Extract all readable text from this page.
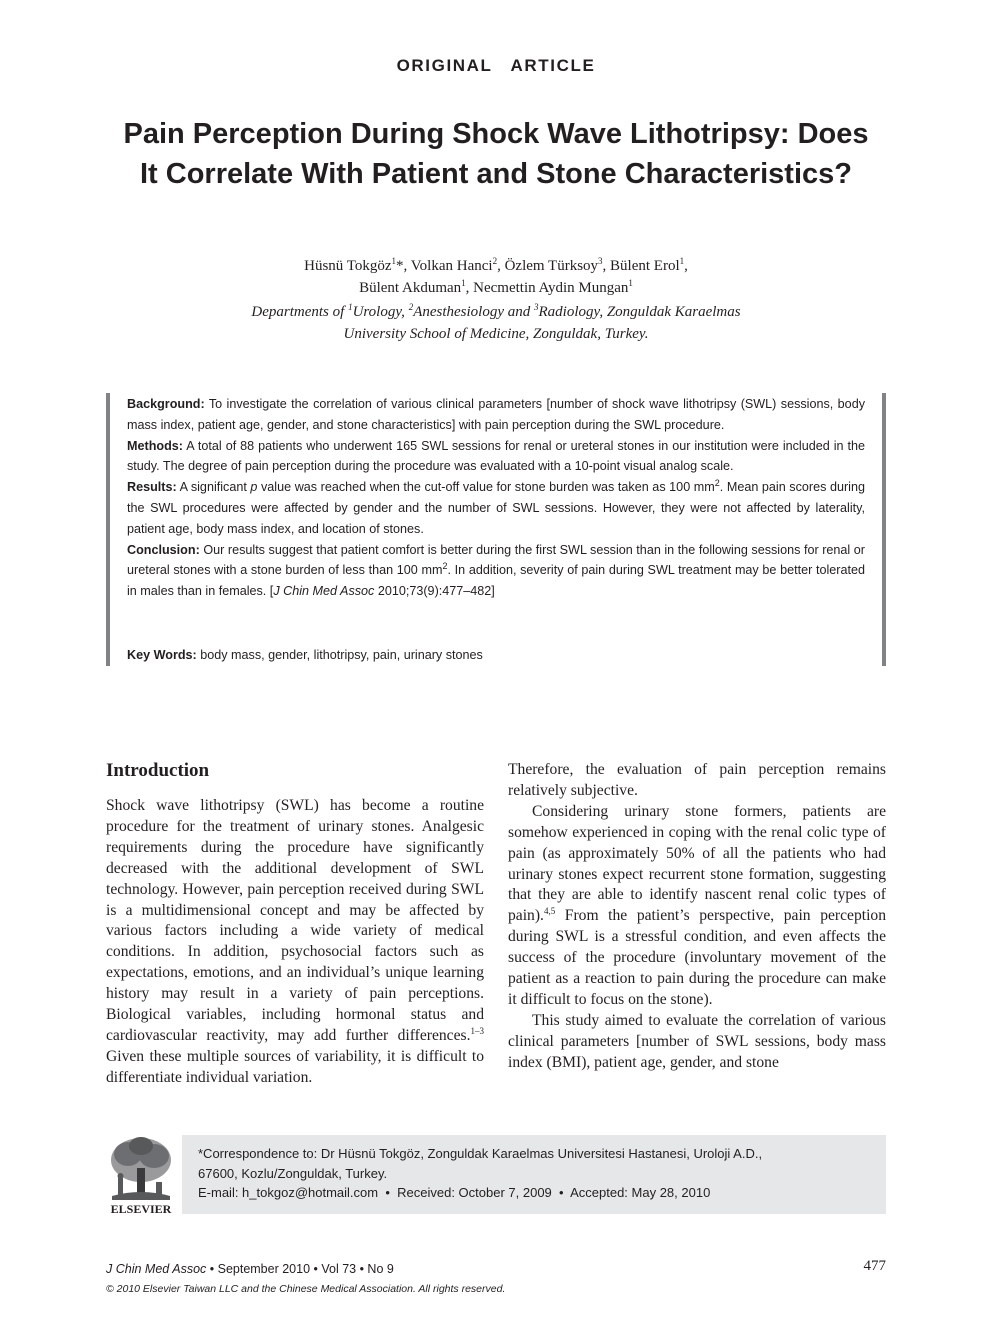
ORIGINAL   ARTICLE
Pain Perception During Shock Wave Lithotripsy: Does It Correlate With Patient and Stone Characteristics?
Hüsnü Tokgöz$^1$*, Volkan Hanci$^2$, Özlem Türksoy$^3$, Bülent Erol$^1$,
Bülent Akduman$^1$, Necmettin Aydin Mungan$^1$
Departments of $^1$Urology, $^2$Anesthesiology and $^3$Radiology, Zonguldak Karaelmas
University School of Medicine, Zonguldak, Turkey.

Background: To investigate the correlation of various clinical parameters [number of shock wave lithotripsy (SWL) sessions, body mass index, patient age, gender, and stone characteristics] with pain perception during the SWL procedure.

Methods: A total of 88 patients who underwent 165 SWL sessions for renal or ureteral stones in our institution were included in the study. The degree of pain perception during the procedure was evaluated with a 10-point visual analog scale.

Results: A significant p value was reached when the cut-off value for stone burden was taken as 100 $mm^2$. Mean pain scores during the SWL procedures were affected by gender and the number of SWL sessions. However, they were not affected by laterality, patient age, body mass index, and location of stones.

Conclusion: Our results suggest that patient comfort is better during the first SWL session than in the following sessions for renal or ureteral stones with a stone burden of less than 100 $mm^2$. In addition, severity of pain during SWL treatment may be better tolerated in males than in females. [J Chin Med Assoc 2010;73(9):477–482]

Key Words: body mass, gender, lithotripsy, pain, urinary stones
Introduction

Shock wave lithotripsy (SWL) has become a routine procedure for the treatment of urinary stones. Analgesic requirements during the procedure have significantly decreased with the additional development of SWL technology. However, pain perception received during SWL is a multidimensional concept and may be affected by various factors including a wide variety of medical conditions. In addition, psychosocial factors such as expectations, emotions, and an individual’s unique learning history may result in a variety of pain perceptions. Biological variables, including hormonal status and cardiovascular reactivity, may add further differences.$^{1-3}$ Given these multiple sources of variability, it is difficult to differentiate individual variation.

Therefore, the evaluation of pain perception remains relatively subjective.

Considering urinary stone formers, patients are somehow experienced in coping with the renal colic type of pain (as approximately 50% of all the patients who had urinary stones expect recurrent stone formation, suggesting that they are able to identify nascent renal colic types of pain).$^{4,5}$ From the patient’s perspective, pain perception during SWL is a stressful condition, and even affects the success of the procedure (involuntary movement of the patient as a reaction to pain during the procedure can make it difficult to focus on the stone).

This study aimed to evaluate the correlation of various clinical parameters [number of SWL sessions, body mass index (BMI), patient age, gender, and stone

ELSEVIER
*Correspondence to: Dr Hüsnü Tokgöz, Zonguldak Karaelmas Universitesi Hastanesi, Uroloji A.D.,
67600, Kozlu/Zonguldak, Turkey.
E-mail: h_tokgoz@hotmail.com • Received: October 7, 2009 • Accepted: May 28, 2010
J Chin Med Assoc • September 2010 • Vol 73 • No 9	477
© 2010 Elsevier Taiwan LLC and the Chinese Medical Association. All rights reserved.
